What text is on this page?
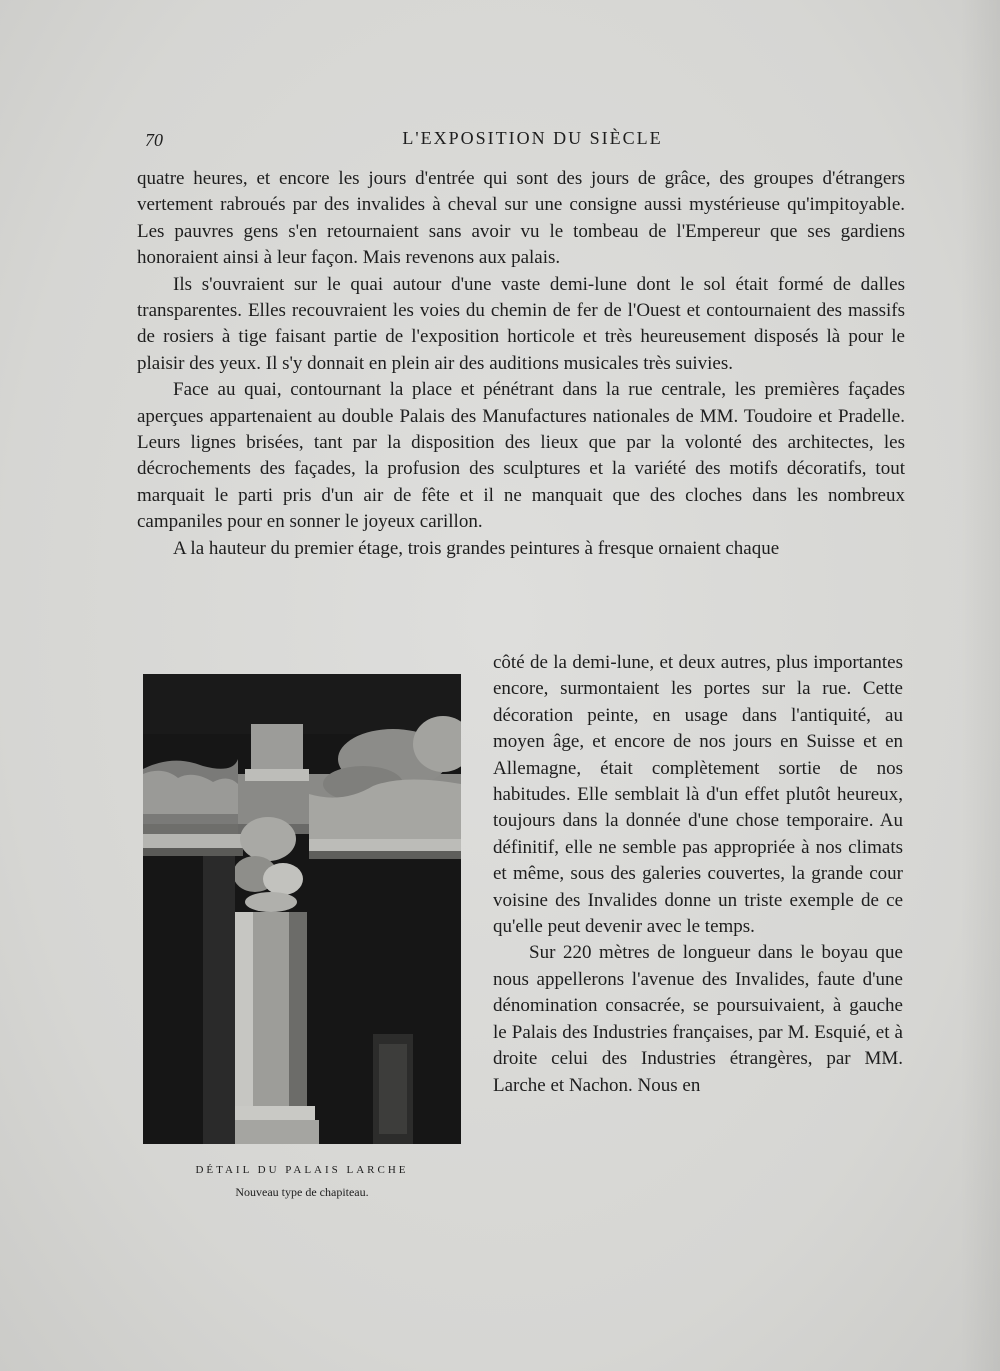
70	L'EXPOSITION DU SIÈCLE

quatre heures, et encore les jours d'entrée qui sont des jours de grâce, des groupes d'étrangers vertement rabroués par des invalides à cheval sur une consigne aussi mystérieuse qu'impitoyable. Les pauvres gens s'en retournaient sans avoir vu le tombeau de l'Empereur que ses gardiens honoraient ainsi à leur façon. Mais revenons aux palais.

Ils s'ouvraient sur le quai autour d'une vaste demi-lune dont le sol était formé de dalles transparentes. Elles recouvraient les voies du chemin de fer de l'Ouest et contournaient des massifs de rosiers à tige faisant partie de l'exposition horticole et très heureusement disposés là pour le plaisir des yeux. Il s'y donnait en plein air des auditions musicales très suivies.

Face au quai, contournant la place et pénétrant dans la rue centrale, les premières façades aperçues appartenaient au double Palais des Manufactures nationales de MM. Toudoire et Pradelle. Leurs lignes brisées, tant par la disposition des lieux que par la volonté des architectes, les décrochements des façades, la profusion des sculptures et la variété des motifs décoratifs, tout marquait le parti pris d'un air de fête et il ne manquait que des cloches dans les nombreux campaniles pour en sonner le joyeux carillon.

A la hauteur du premier étage, trois grandes peintures à fresque ornaient chaque

DÉTAIL DU PALAIS LARCHE
Nouveau type de chapiteau.

côté de la demi-lune, et deux autres, plus importantes encore, surmontaient les portes sur la rue. Cette décoration peinte, en usage dans l'antiquité, au moyen âge, et encore de nos jours en Suisse et en Allemagne, était complètement sortie de nos habitudes. Elle semblait là d'un effet plutôt heureux, toujours dans la donnée d'une chose temporaire. Au définitif, elle ne semble pas appropriée à nos climats et même, sous des galeries couvertes, la grande cour voisine des Invalides donne un triste exemple de ce qu'elle peut devenir avec le temps.

Sur 220 mètres de longueur dans le boyau que nous appellerons l'avenue des Invalides, faute d'une dénomination consacrée, se poursuivaient, à gauche le Palais des Industries françaises, par M. Esquié, et à droite celui des Industries étrangères, par MM. Larche et Nachon. Nous en
